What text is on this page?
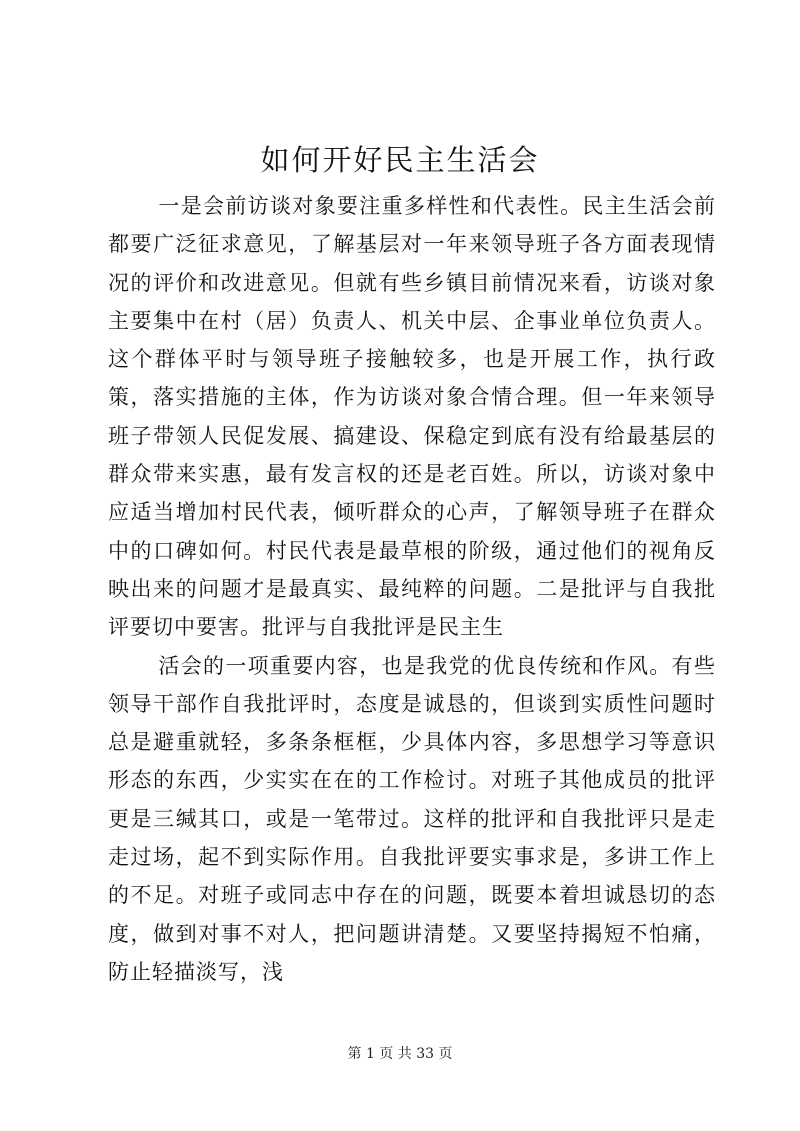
如何开好民主生活会

一是会前访谈对象要注重多样性和代表性。民主生活会前都要广泛征求意见，了解基层对一年来领导班子各方面表现情况的评价和改进意见。但就有些乡镇目前情况来看，访谈对象主要集中在村（居）负责人、机关中层、企事业单位负责人。这个群体平时与领导班子接触较多，也是开展工作，执行政策，落实措施的主体，作为访谈对象合情合理。但一年来领导班子带领人民促发展、搞建设、保稳定到底有没有给最基层的群众带来实惠，最有发言权的还是老百姓。所以，访谈对象中应适当增加村民代表，倾听群众的心声，了解领导班子在群众中的口碑如何。村民代表是最草根的阶级，通过他们的视角反映出来的问题才是最真实、最纯粹的问题。二是批评与自我批评要切中要害。批评与自我批评是民主生

活会的一项重要内容，也是我党的优良传统和作风。有些领导干部作自我批评时，态度是诚恳的，但谈到实质性问题时总是避重就轻，多条条框框，少具体内容，多思想学习等意识形态的东西，少实实在在的工作检讨。对班子其他成员的批评更是三缄其口，或是一笔带过。这样的批评和自我批评只是走走过场，起不到实际作用。自我批评要实事求是，多讲工作上的不足。对班子或同志中存在的问题，既要本着坦诚恳切的态度，做到对事不对人，把问题讲清楚。又要坚持揭短不怕痛，防止轻描淡写，浅

第 1 页 共 33 页
